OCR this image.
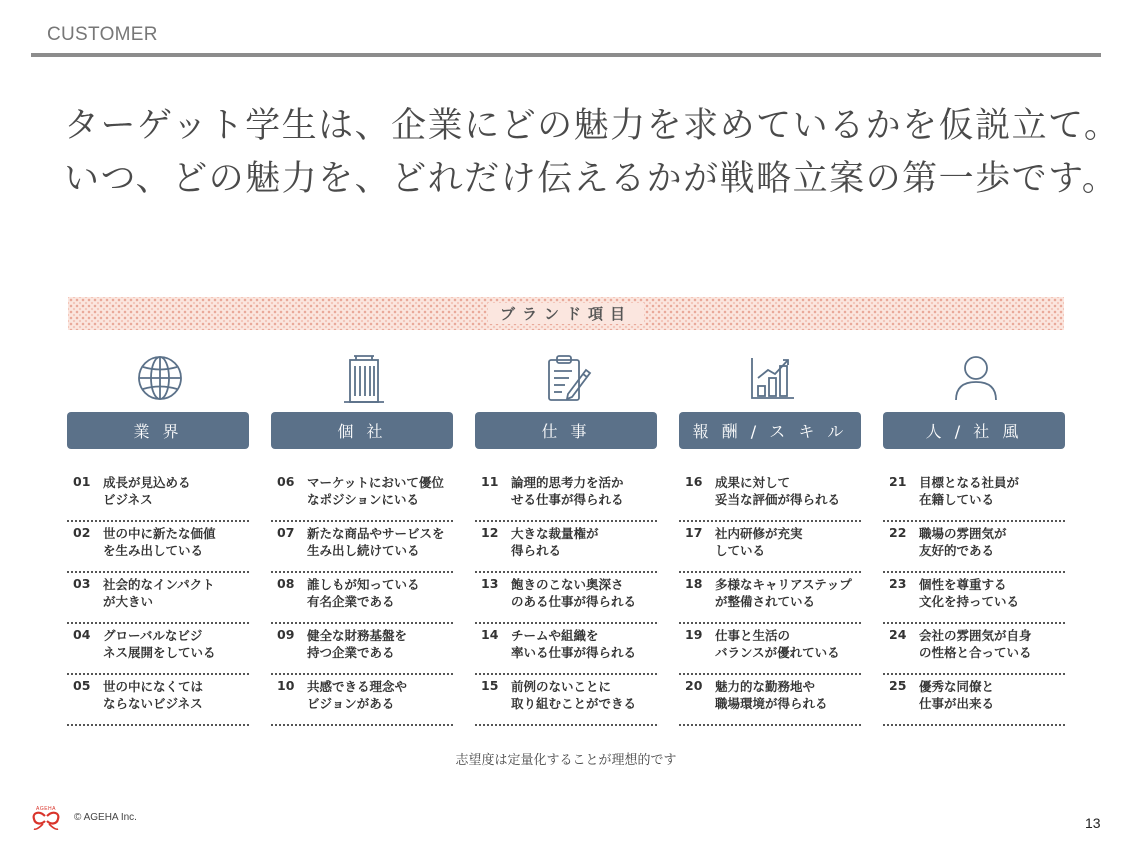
CUSTOMER
ターゲット学生は、企業にどの魅力を求めているかを仮説立て。
いつ、どの魅力を、どれだけ伝えるかが戦略立案の第一歩です。
ブランド項目
業 界
01 成長が見込める
ビジネス
02 世の中に新たな価値
を生み出している
03 社会的なインパクト
が大きい
04 グローバルなビジ
ネス展開をしている
05 世の中になくては
ならないビジネス
個 社
06 マーケットにおいて優位
なポジションにいる
07 新たな商品やサービスを
生み出し続けている
08 誰しもが知っている
有名企業である
09 健全な財務基盤を
持つ企業である
10 共感できる理念や
ビジョンがある
仕 事
11 論理的思考力を活か
せる仕事が得られる
12 大きな裁量権が
得られる
13 飽きのこない奥深さ
のある仕事が得られる
14 チームや組織を
率いる仕事が得られる
15 前例のないことに
取り組むことができる
報 酬 / ス キ ル
16 成果に対して
妥当な評価が得られる
17 社内研修が充実
している
18 多様なキャリアステップ
が整備されている
19 仕事と生活の
バランスが優れている
20 魅力的な勤務地や
職場環境が得られる
人 / 社 風
21 目標となる社員が
在籍している
22 職場の雰囲気が
友好的である
23 個性を尊重する
文化を持っている
24 会社の雰囲気が自身
の性格と合っている
25 優秀な同僚と
仕事が出来る
志望度は定量化することが理想的です
AGEHA
© AGEHA Inc.	13
